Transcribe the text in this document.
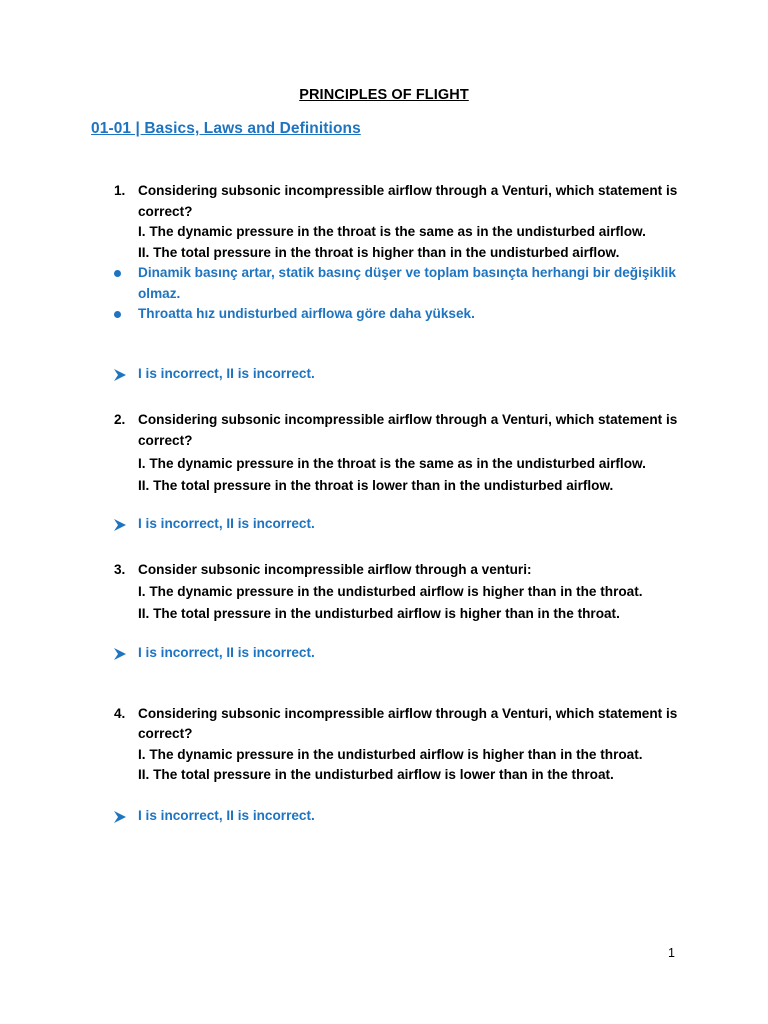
PRINCIPLES OF FLIGHT
01-01 | Basics, Laws and Definitions
1. Considering subsonic incompressible airflow through a Venturi, which statement is
correct?
I. The dynamic pressure in the throat is the same as in the undisturbed airflow.
II. The total pressure in the throat is higher than in the undisturbed airflow.
Dinamik basınç artar, statik basınç düşer ve toplam basınçta herhangi bir değişiklik
olmaz.
Throatta hız undisturbed airflowa göre daha yüksek.
I is incorrect, II is incorrect.
2. Considering subsonic incompressible airflow through a Venturi, which statement is
correct?
I. The dynamic pressure in the throat is the same as in the undisturbed airflow.
II. The total pressure in the throat is lower than in the undisturbed airflow.
I is incorrect, II is incorrect.
3. Consider subsonic incompressible airflow through a venturi:
I. The dynamic pressure in the undisturbed airflow is higher than in the throat.
II. The total pressure in the undisturbed airflow is higher than in the throat.
I is incorrect, II is incorrect.
4. Considering subsonic incompressible airflow through a Venturi, which statement is
correct?
I. The dynamic pressure in the undisturbed airflow is higher than in the throat.
II. The total pressure in the undisturbed airflow is lower than in the throat.
I is incorrect, II is incorrect.
1
